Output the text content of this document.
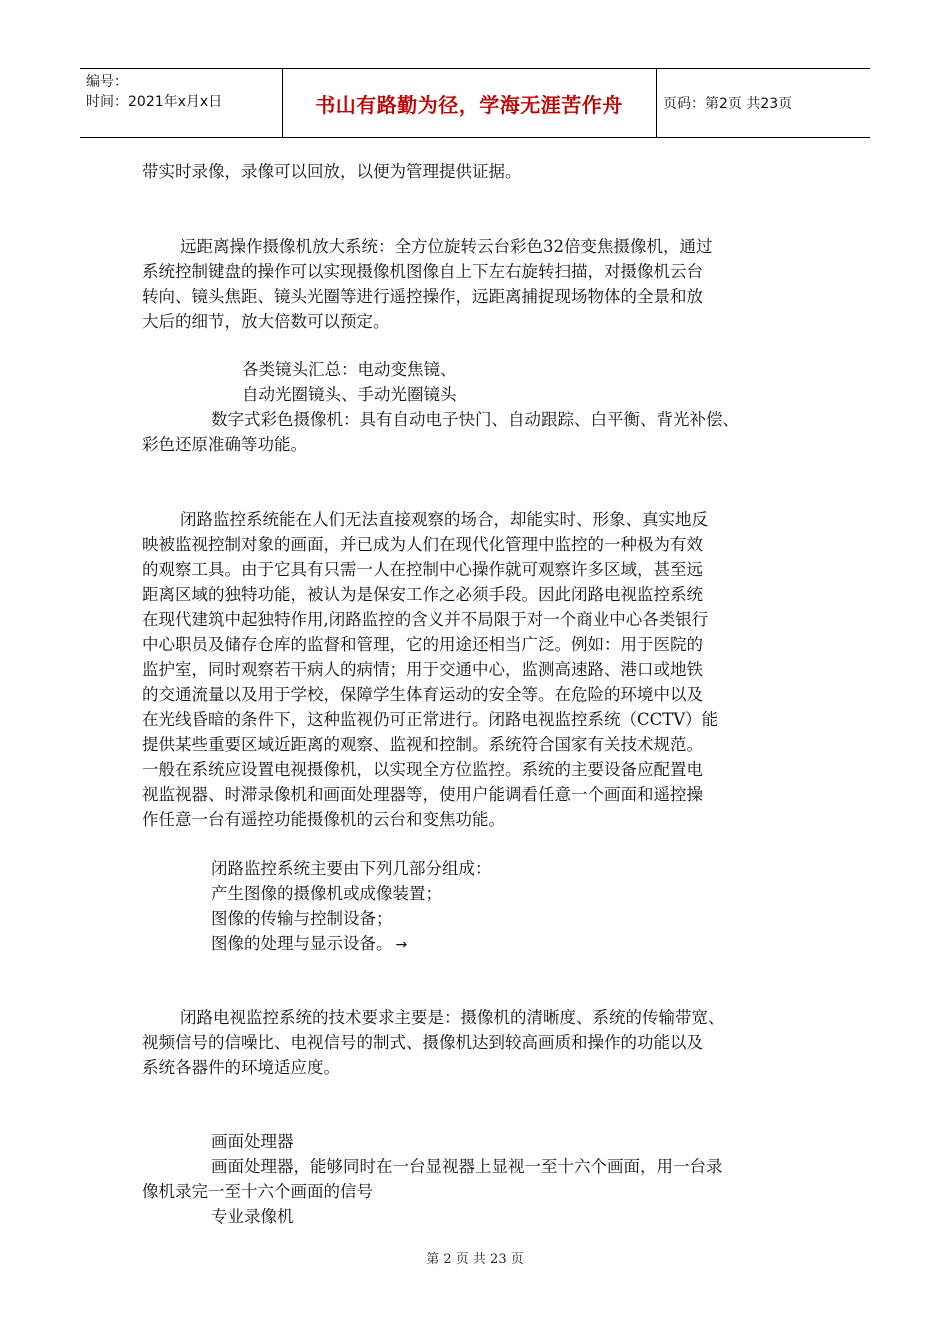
编号：
时间：2021年x月x日	书山有路勤为径，学海无涯苦作舟	页码：第2页 共23页
带实时录像，录像可以回放，以便为管理提供证据。
远距离操作摄像机放大系统：全方位旋转云台彩色32倍变焦摄像机，通过
系统控制键盘的操作可以实现摄像机图像自上下左右旋转扫描，对摄像机云台
转向、镜头焦距、镜头光圈等进行遥控操作，远距离捕捉现场物体的全景和放
大后的细节，放大倍数可以预定。
各类镜头汇总：电动变焦镜、
自动光圈镜头、手动光圈镜头
数字式彩色摄像机：具有自动电子快门、自动跟踪、白平衡、背光补偿、
彩色还原准确等功能。
闭路监控系统能在人们无法直接观察的场合，却能实时、形象、真实地反
映被监视控制对象的画面，并已成为人们在现代化管理中监控的一种极为有效
的观察工具。由于它具有只需一人在控制中心操作就可观察许多区域，甚至远
距离区域的独特功能，被认为是保安工作之必须手段。因此闭路电视监控系统
在现代建筑中起独特作用,闭路监控的含义并不局限于对一个商业中心各类银行
中心职员及储存仓库的监督和管理，它的用途还相当广泛。例如：用于医院的
监护室，同时观察若干病人的病情；用于交通中心，监测高速路、港口或地铁
的交通流量以及用于学校，保障学生体育运动的安全等。在危险的环境中以及
在光线昏暗的条件下，这种监视仍可正常进行。闭路电视监控系统（CCTV）能
提供某些重要区域近距离的观察、监视和控制。系统符合国家有关技术规范。
一般在系统应设置电视摄像机，以实现全方位监控。系统的主要设备应配置电
视监视器、时滞录像机和画面处理器等，使用户能调看任意一个画面和遥控操
作任意一台有遥控功能摄像机的云台和变焦功能。
闭路监控系统主要由下列几部分组成：
产生图像的摄像机或成像装置；
图像的传输与控制设备；
图像的处理与显示设备。 →
闭路电视监控系统的技术要求主要是：摄像机的清晰度、系统的传输带宽、
视频信号的信噪比、电视信号的制式、摄像机达到较高画质和操作的功能以及
系统各器件的环境适应度。
画面处理器
画面处理器，能够同时在一台显视器上显视一至十六个画面，用一台录
像机录完一至十六个画面的信号
专业录像机
第 2 页 共 23 页
